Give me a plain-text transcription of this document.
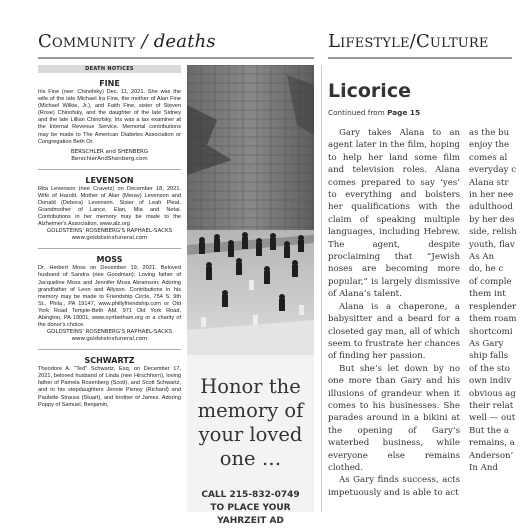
Community / deaths	Lifestyle/Culture
DEATH NOTICES
FINE
Iris Fine (nee: Chinofsky) Dec. 11, 2021. She was the wife of the late Michael Ira Fine, the mother of Alan Fine (Michael Wilkie, Jr.), and Faith Fine, sister of Steven (Rose) Chinofsky, and the daughter of the late Sidney and the late Lillian Chinofsky. Iris was a tax examiner at the Internal Revenue Service. Memorial contributions may be made to The American Diabetes Association or Congregation Beth Or.
BERSCHLER and SHENBERG
BerschlerAndShenberg.com
LEVENSON
Rita Levenson (nee Cravetz) on December 18, 2021. Wife of Harold. Mother of Alan (Merav) Levenson and Donald (Debora) Levenson. Sister of Leah Pleat. Grandmother of Lance, Elan, Mia and Netai. Contributions in her memory may be made to the Alzheimer's Association, www.alz.org
GOLDSTEINS' ROSENBERG'S RAPHAEL-SACKS
www.goldsteinsfuneral.com
MOSS
Dr. Herbert Moss on December 19, 2021. Beloved husband of Sandra (nee Goodman); Loving father of Jacqueline Moss and Jennifer Moss Abramson; Adoring grandfather of Leon and Allyson. Contributions in his memory may be made to Friendship Circle, 754 S. 9th St., Phila., PA 19147, www.phillyfriendship.com or Old York Road Temple-Beth AM, 971 Old York Road, Abington, PA 19001, www.oyrtbetham.org or a charity of the donor's choice.
GOLDSTEINS' ROSENBERG'S RAPHAEL-SACKS
www.goldsteinsfuneral.com
SCHWARTZ
Theodore A. "Ted" Schwartz, Esq. on December 17, 2021, beloved husband of Linda (nee Hirschhorn), loving father of Pamela Rosenberg (Scott), and Scott Schwartz, and to his stepdaughters Jennie Pisnoy (Richard) and Paulette Strauss (Stuart), and brother of James. Adoring Poppy of Samuel, Benjamin,
Honor the memory of your loved one …
CALL 215-832-0749
TO PLACE YOUR YAHRZEIT AD
Licorice
Continued from Page 15

Gary takes Alana to an agent later in the film, hoping to help her land some film and television roles. Alana comes prepared to say ‘yes’ to everything and bolsters her qualifications with the claim of speaking multiple languages, including Hebrew. The agent, despite proclaiming that “Jewish noses are becoming more popular,” is largely dismissive of Alana’s talent.

Alana is a chaperone, a babysitter and a beard for a closeted gay man, all of which seem to frustrate her chances of finding her passion.

But she’s let down by no one more than Gary and his illusions of grandeur when it comes to his businesses. She parades around in a bikini at the opening of Gary’s waterbed business, while everyone else remains clothed.

As Gary finds success, acts impetuously and is able to act

as the bu
enjoy the
comes al
everyday c
Alana str
in her nee
adulthood
by her des
side, relish
youth, flav
As An
do, he c
of comple
them int
resplender
them roam
shortcomi
As Gary
ship falls
of the sto
own indiv
obvious ag
their relat
well — out
But the a
remains, a
Anderson’
In And
